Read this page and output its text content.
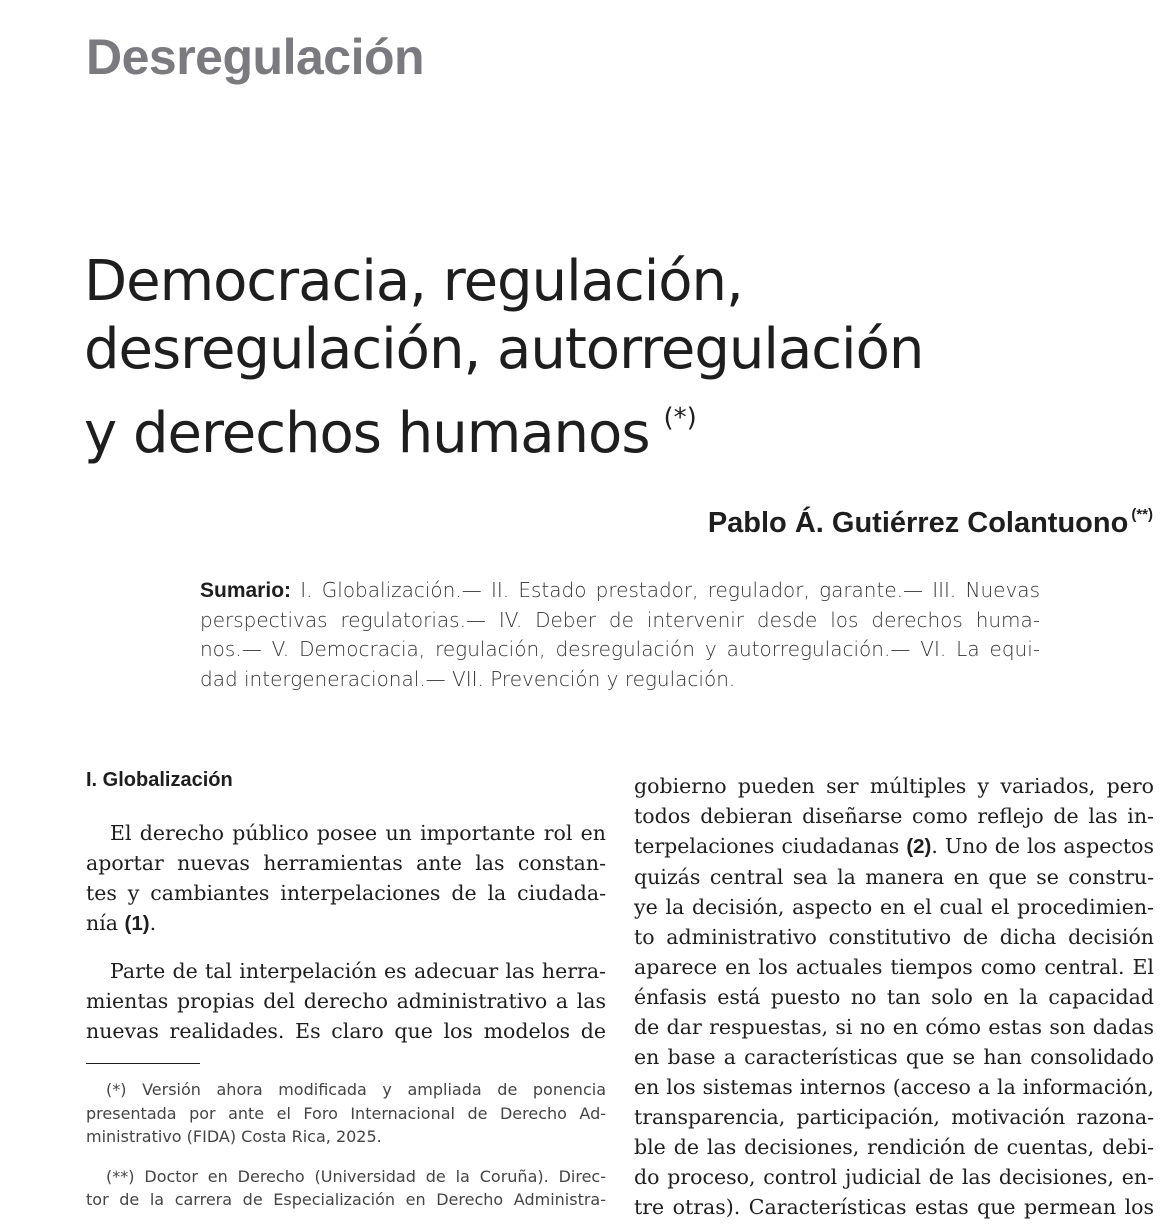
Desregulación
Democracia, regulación,
desregulación, autorregulación
y derechos humanos (*)
Pablo Á. Gutiérrez Colantuono (**)
Sumario: I. Globalización.— II. Estado prestador, regulador, garante.— III. Nuevas
perspectivas regulatorias.— IV. Deber de intervenir desde los derechos huma-
nos.— V. Democracia, regulación, desregulación y autorregulación.— VI. La equi-
dad intergeneracional.— VII. Prevención y regulación.
I. Globalización
El derecho público posee un importante rol en
aportar nuevas herramientas ante las constan-
tes y cambiantes interpelaciones de la ciudada-
nía (1).
Parte de tal interpelación es adecuar las herra-
mientas propias del derecho administrativo a las
nuevas realidades. Es claro que los modelos de
gobierno pueden ser múltiples y variados, pero
todos debieran diseñarse como reflejo de las in-
terpelaciones ciudadanas (2). Uno de los aspectos
quizás central sea la manera en que se constru-
ye la decisión, aspecto en el cual el procedimien-
to administrativo constitutivo de dicha decisión
aparece en los actuales tiempos como central. El
énfasis está puesto no tan solo en la capacidad
de dar respuestas, si no en cómo estas son dadas
en base a características que se han consolidado
en los sistemas internos (acceso a la información,
transparencia, participación, motivación razona-
ble de las decisiones, rendición de cuentas, debi-
do proceso, control judicial de las decisiones, en-
tre otras). Características estas que permean los
(*) Versión ahora modificada y ampliada de ponencia
presentada por ante el Foro Internacional de Derecho Ad-
ministrativo (FIDA) Costa Rica, 2025.
(**) Doctor en Derecho (Universidad de la Coruña). Direc-
tor de la carrera de Especialización en Derecho Administra-
